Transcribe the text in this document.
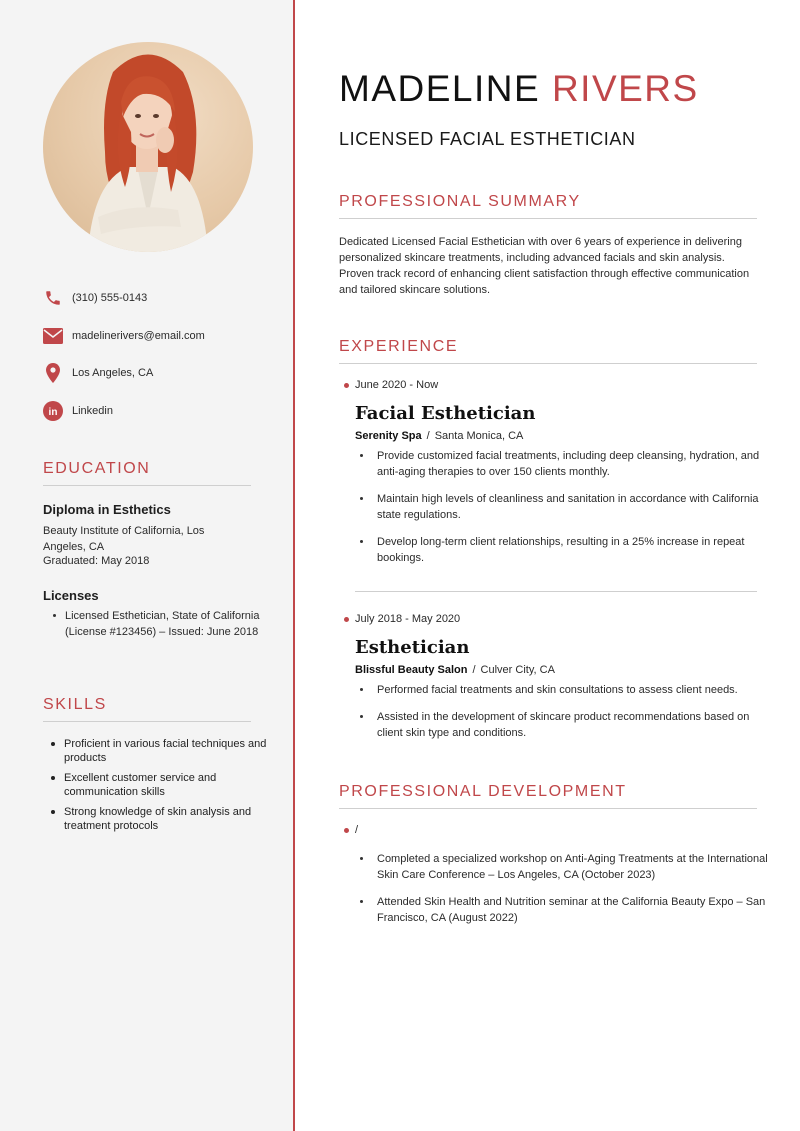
(310) 555-0143
madelinerivers@email.com
Los Angeles, CA
in Linkedin
EDUCATION
Diploma in Esthetics
Beauty Institute of California, Los Angeles, CA
Graduated: May 2018
Licenses
Licensed Esthetician, State of California (License #123456) – Issued: June 2018
SKILLS
Proficient in various facial techniques and products
Excellent customer service and communication skills
Strong knowledge of skin analysis and treatment protocols
MADELINE RIVERS
LICENSED FACIAL ESTHETICIAN
PROFESSIONAL SUMMARY

Dedicated Licensed Facial Esthetician with over 6 years of experience in delivering personalized skincare treatments, including advanced facials and skin analysis. Proven track record of enhancing client satisfaction through effective communication and tailored skincare solutions.

EXPERIENCE
June 2020 - Now
Facial Esthetician
Serenity Spa / Santa Monica, CA
Provide customized facial treatments, including deep cleansing, hydration, and anti-aging therapies to over 150 clients monthly.
Maintain high levels of cleanliness and sanitation in accordance with California state regulations.
Develop long-term client relationships, resulting in a 25% increase in repeat bookings.
July 2018 - May 2020
Esthetician
Blissful Beauty Salon / Culver City, CA
Performed facial treatments and skin consultations to assess client needs.
Assisted in the development of skincare product recommendations based on client skin type and conditions.
PROFESSIONAL DEVELOPMENT
/
Completed a specialized workshop on Anti-Aging Treatments at the International Skin Care Conference – Los Angeles, CA (October 2023)
Attended Skin Health and Nutrition seminar at the California Beauty Expo – San Francisco, CA (August 2022)
